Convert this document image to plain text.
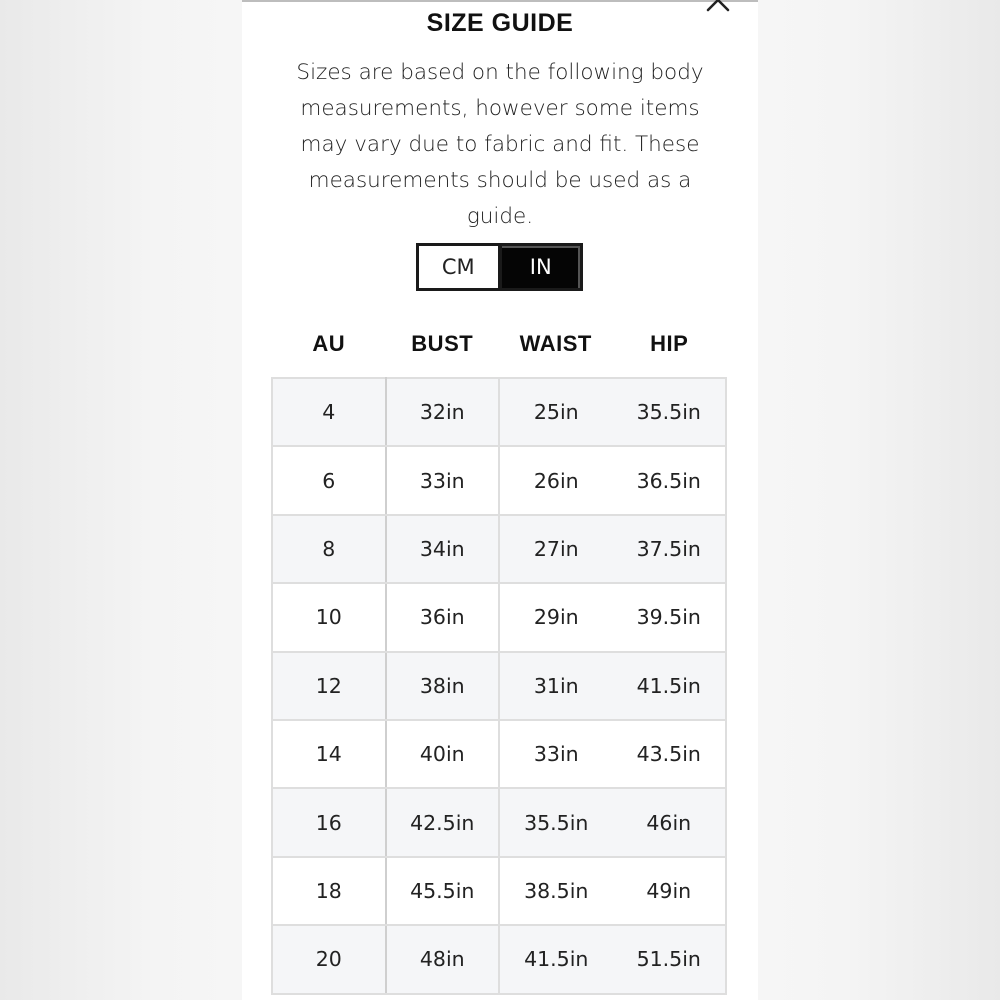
SIZE GUIDE
Sizes are based on the following body measurements, however some items may vary due to fabric and fit. These measurements should be used as a guide.
CM	IN
AU	BUST	WAIST	HIP
4	32in	25in	35.5in
6	33in	26in	36.5in
8	34in	27in	37.5in
10	36in	29in	39.5in
12	38in	31in	41.5in
14	40in	33in	43.5in
16	42.5in	35.5in	46in
18	45.5in	38.5in	49in
20	48in	41.5in	51.5in
